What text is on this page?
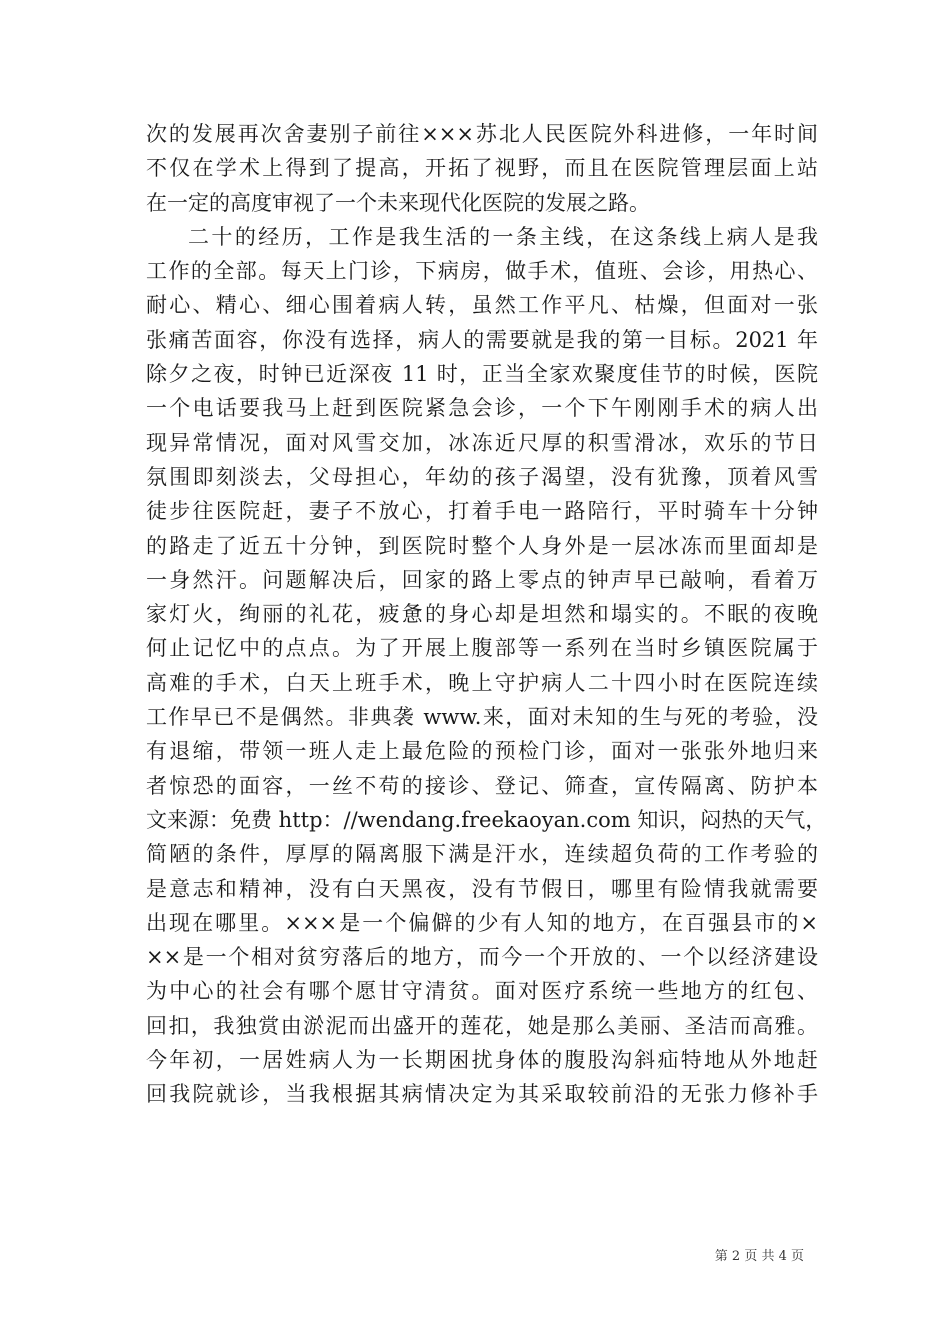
次的发展再次舍妻别子前往×××苏北人民医院外科进修，一年时间
不仅在学术上得到了提高，开拓了视野，而且在医院管理层面上站
在一定的高度审视了一个未来现代化医院的发展之路。
二十的经历，工作是我生活的一条主线，在这条线上病人是我
工作的全部。每天上门诊，下病房，做手术，值班、会诊，用热心、
耐心、精心、细心围着病人转，虽然工作平凡、枯燥，但面对一张
张痛苦面容，你没有选择，病人的需要就是我的第一目标。2021 年
除夕之夜，时钟已近深夜 11 时，正当全家欢聚度佳节的时候，医院
一个电话要我马上赶到医院紧急会诊，一个下午刚刚手术的病人出
现异常情况，面对风雪交加，冰冻近尺厚的积雪滑冰，欢乐的节日
氛围即刻淡去，父母担心，年幼的孩子渴望，没有犹豫，顶着风雪
徒步往医院赶，妻子不放心，打着手电一路陪行，平时骑车十分钟
的路走了近五十分钟，到医院时整个人身外是一层冰冻而里面却是
一身然汗。问题解决后，回家的路上零点的钟声早已敲响，看着万
家灯火，绚丽的礼花，疲惫的身心却是坦然和塌实的。不眠的夜晚
何止记忆中的点点。为了开展上腹部等一系列在当时乡镇医院属于
高难的手术，白天上班手术，晚上守护病人二十四小时在医院连续
工作早已不是偶然。非典袭 www.来，面对未知的生与死的考验，没
有退缩，带领一班人走上最危险的预检门诊，面对一张张外地归来
者惊恐的面容，一丝不苟的接诊、登记、筛查，宣传隔离、防护本
文来源：免费 http：//wendang.freekaoyan.com 知识，闷热的天气，
简陋的条件，厚厚的隔离服下满是汗水，连续超负荷的工作考验的
是意志和精神，没有白天黑夜，没有节假日，哪里有险情我就需要
出现在哪里。×××是一个偏僻的少有人知的地方，在百强县市的×
××是一个相对贫穷落后的地方，而今一个开放的、一个以经济建设
为中心的社会有哪个愿甘守清贫。面对医疗系统一些地方的红包、
回扣，我独赏由淤泥而出盛开的莲花，她是那么美丽、圣洁而高雅。
今年初，一居姓病人为一长期困扰身体的腹股沟斜疝特地从外地赶
回我院就诊，当我根据其病情决定为其采取较前沿的无张力修补手
第 2 页 共 4 页
